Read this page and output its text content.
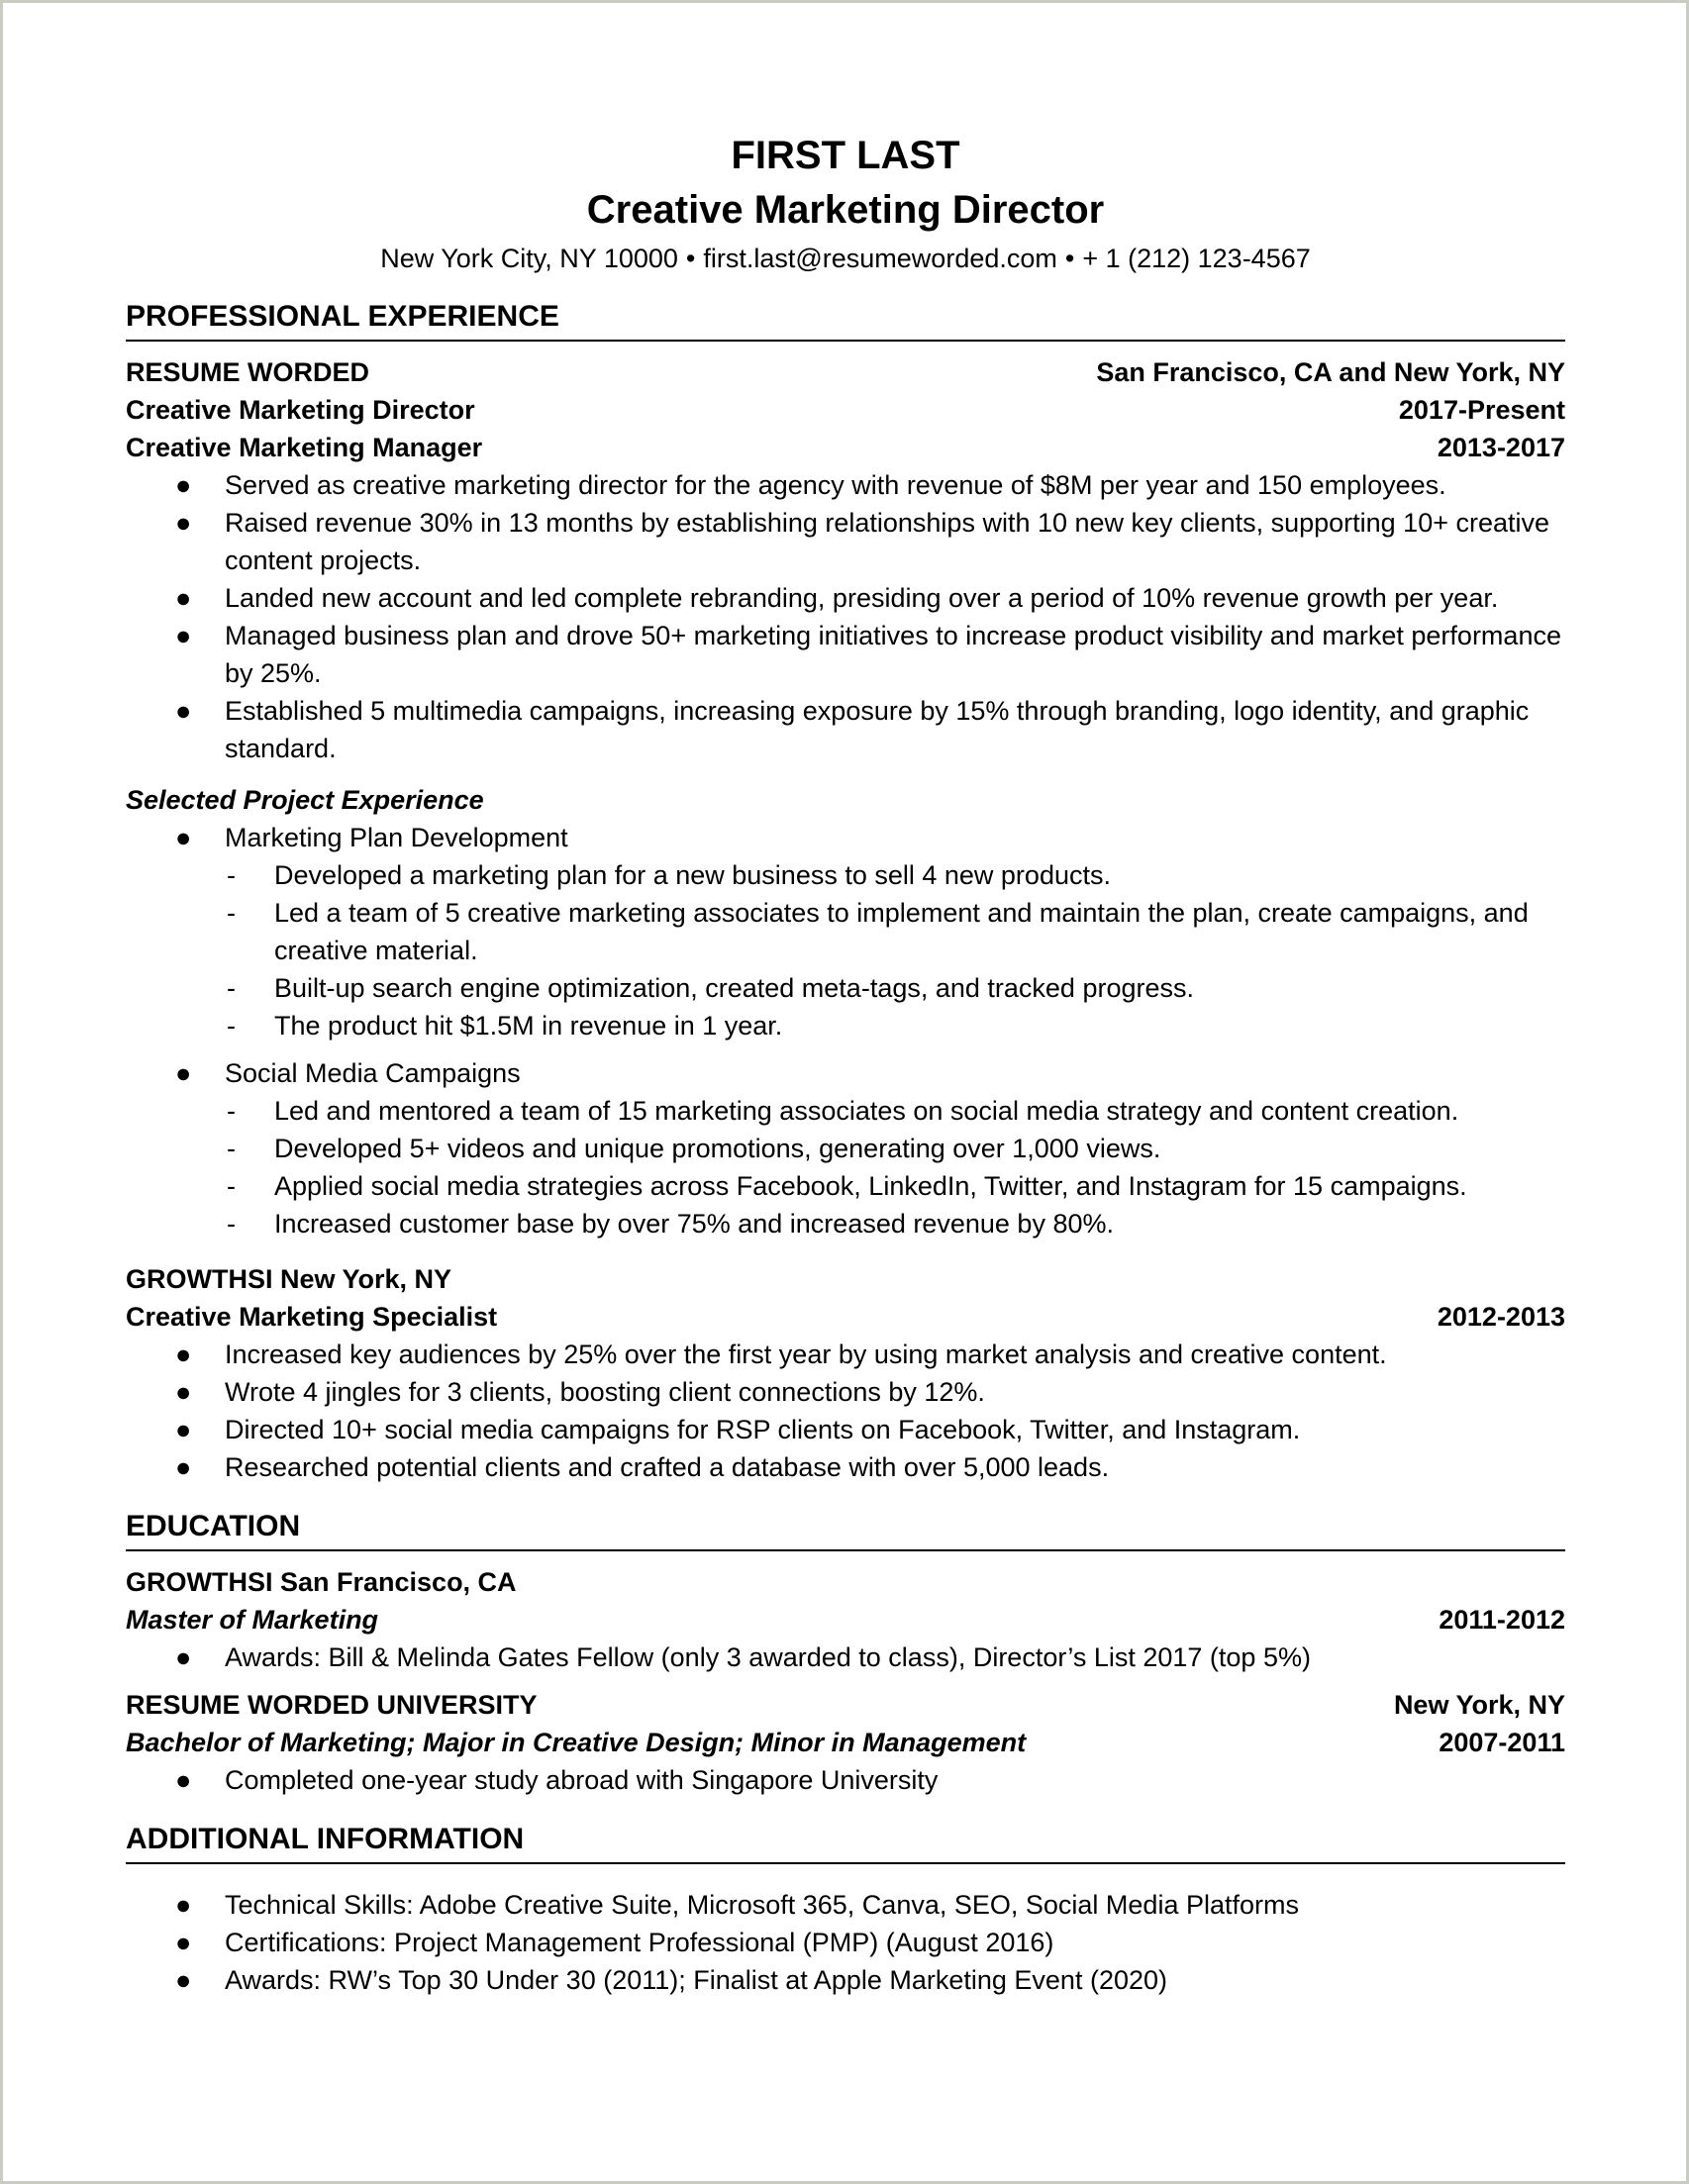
FIRST LAST
Creative Marketing Director
New York City, NY 10000 • first.last@resumeworded.com • + 1 (212) 123-4567
PROFESSIONAL EXPERIENCE
RESUME WORDED	San Francisco, CA and New York, NY
Creative Marketing Director	2017-Present
Creative Marketing Manager	2013-2017
● Served as creative marketing director for the agency with revenue of $8M per year and 150 employees.
● Raised revenue 30% in 13 months by establishing relationships with 10 new key clients, supporting 10+ creative content projects.
● Landed new account and led complete rebranding, presiding over a period of 10% revenue growth per year.
● Managed business plan and drove 50+ marketing initiatives to increase product visibility and market performance by 25%.
● Established 5 multimedia campaigns, increasing exposure by 15% through branding, logo identity, and graphic standard.
Selected Project Experience
● Marketing Plan Development
- Developed a marketing plan for a new business to sell 4 new products.
- Led a team of 5 creative marketing associates to implement and maintain the plan, create campaigns, and creative material.
- Built-up search engine optimization, created meta-tags, and tracked progress.
- The product hit $1.5M in revenue in 1 year.
● Social Media Campaigns
- Led and mentored a team of 15 marketing associates on social media strategy and content creation.
- Developed 5+ videos and unique promotions, generating over 1,000 views.
- Applied social media strategies across Facebook, LinkedIn, Twitter, and Instagram for 15 campaigns.
- Increased customer base by over 75% and increased revenue by 80%.
GROWTHSI New York, NY
Creative Marketing Specialist	2012-2013
● Increased key audiences by 25% over the first year by using market analysis and creative content.
● Wrote 4 jingles for 3 clients, boosting client connections by 12%.
● Directed 10+ social media campaigns for RSP clients on Facebook, Twitter, and Instagram.
● Researched potential clients and crafted a database with over 5,000 leads.
EDUCATION
GROWTHSI San Francisco, CA
Master of Marketing	2011-2012
● Awards: Bill & Melinda Gates Fellow (only 3 awarded to class), Director’s List 2017 (top 5%)
RESUME WORDED UNIVERSITY	New York, NY
Bachelor of Marketing; Major in Creative Design; Minor in Management	2007-2011
● Completed one-year study abroad with Singapore University
ADDITIONAL INFORMATION
● Technical Skills: Adobe Creative Suite, Microsoft 365, Canva, SEO, Social Media Platforms
● Certifications: Project Management Professional (PMP) (August 2016)
● Awards: RW’s Top 30 Under 30 (2011); Finalist at Apple Marketing Event (2020)
